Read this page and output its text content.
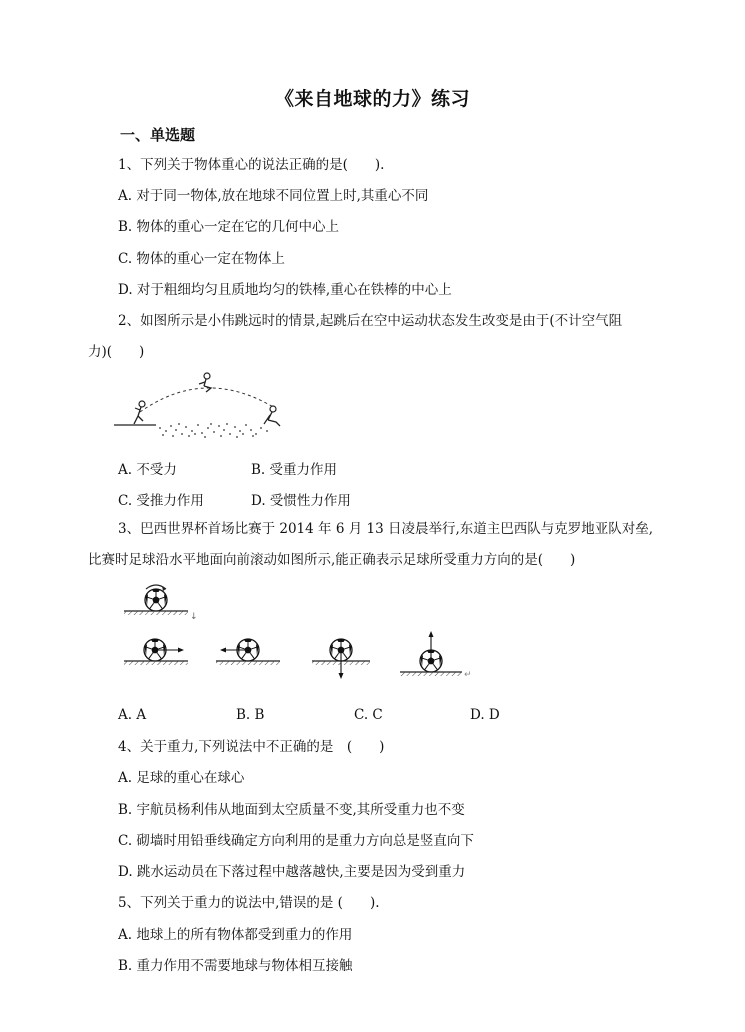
《来自地球的力》练习
一、单选题
1、下列关于物体重心的说法正确的是(　　).
A. 对于同一物体,放在地球不同位置上时,其重心不同
B. 物体的重心一定在它的几何中心上
C. 物体的重心一定在物体上
D. 对于粗细均匀且质地均匀的铁棒,重心在铁棒的中心上
2、如图所示是小伟跳远时的情景,起跳后在空中运动状态发生改变是由于(不计空气阻
力)(　　)
A. 不受力	B. 受重力作用
C. 受推力作用	D. 受惯性力作用
3、巴西世界杯首场比赛于 2014 年 6 月 13 日凌晨举行,东道主巴西队与克罗地亚队对垒,
比赛时足球沿水平地面向前滚动如图所示,能正确表示足球所受重力方向的是(　　)
↓
↵
A. A	B. B	C. C	D. D
4、关于重力,下列说法中不正确的是　(　　)
A. 足球的重心在球心
B. 宇航员杨利伟从地面到太空质量不变,其所受重力也不变
C. 砌墙时用铅垂线确定方向利用的是重力方向总是竖直向下
D. 跳水运动员在下落过程中越落越快,主要是因为受到重力
5、下列关于重力的说法中,错误的是 (　　).
A. 地球上的所有物体都受到重力的作用
B. 重力作用不需要地球与物体相互接触
